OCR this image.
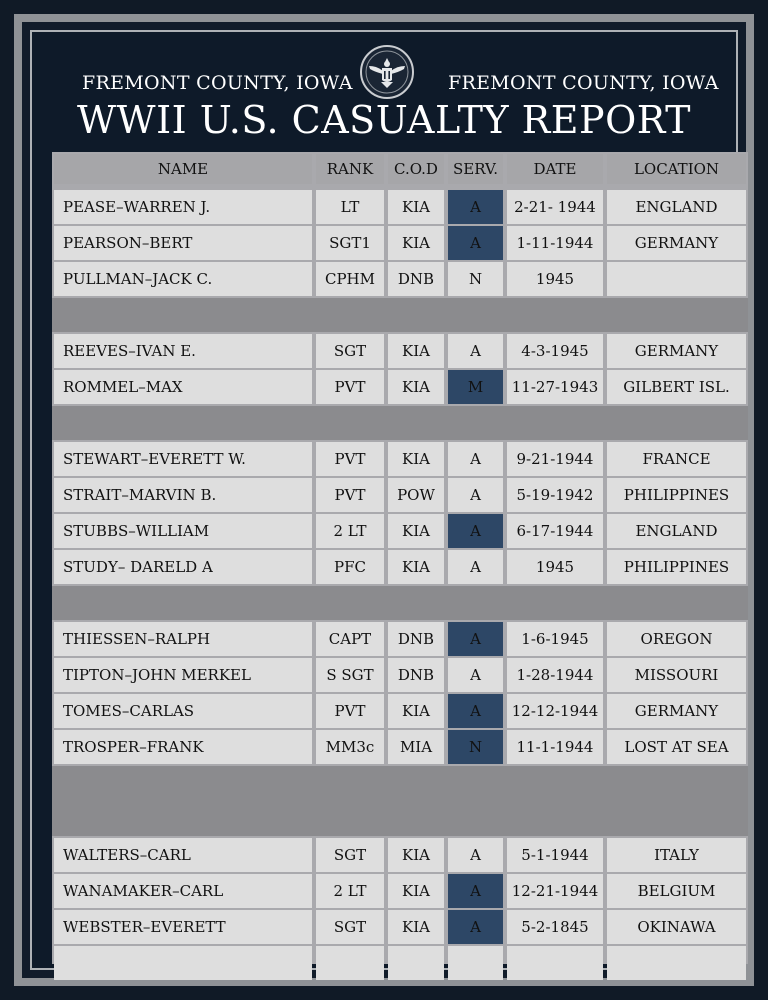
FREMONT COUNTY, IOWA	FREMONT COUNTY, IOWA
WWII U.S. CASUALTY REPORT
NAME	RANK	C.O.D	SERV.	DATE	LOCATION
PEASE–WARREN J.	LT	KIA	A	2-21- 1944	ENGLAND
PEARSON–BERT	SGT1	KIA	A	1-11-1944	GERMANY
PULLMAN–JACK C.	CPHM	DNB	N	1945
REEVES–IVAN E.	SGT	KIA	A	4-3-1945	GERMANY
ROMMEL–MAX	PVT	KIA	M	11-27-1943	GILBERT ISL.
STEWART–EVERETT W.	PVT	KIA	A	9-21-1944	FRANCE
STRAIT–MARVIN B.	PVT	POW	A	5-19-1942	PHILIPPINES
STUBBS–WILLIAM	2 LT	KIA	A	6-17-1944	ENGLAND
STUDY– DARELD A	PFC	KIA	A	1945	PHILIPPINES
THIESSEN–RALPH	CAPT	DNB	A	1-6-1945	OREGON
TIPTON–JOHN MERKEL	S SGT	DNB	A	1-28-1944	MISSOURI
TOMES–CARLAS	PVT	KIA	A	12-12-1944	GERMANY
TROSPER–FRANK	MM3c	MIA	N	11-1-1944	LOST AT SEA
WALTERS–CARL	SGT	KIA	A	5-1-1944	ITALY
WANAMAKER–CARL	2 LT	KIA	A	12-21-1944	BELGIUM
WEBSTER–EVERETT	SGT	KIA	A	5-2-1845	OKINAWA
